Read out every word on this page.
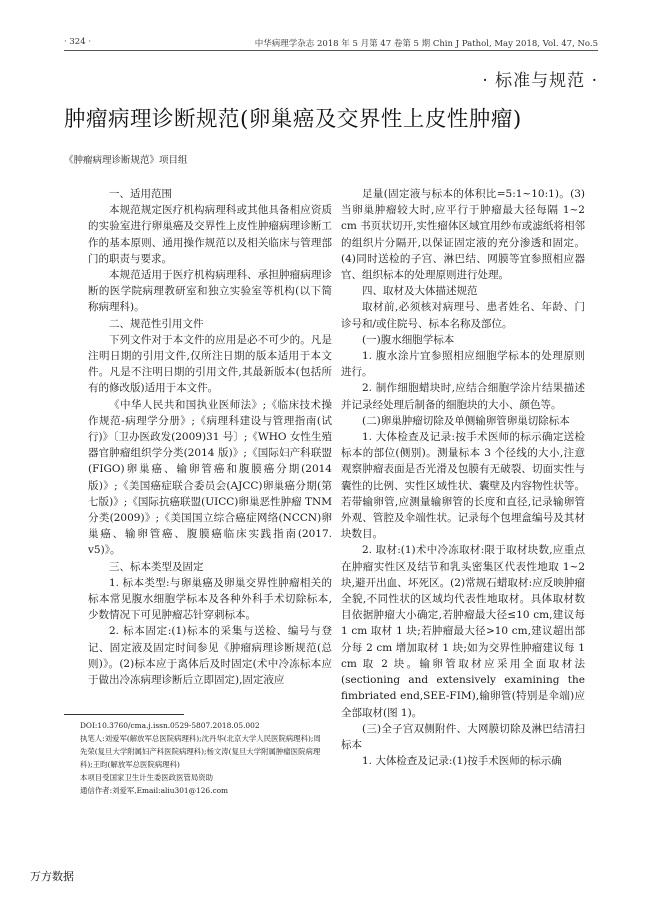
· 324 ·	中华病理学杂志 2018 年 5 月第 47 卷第 5 期 Chin J Pathol, May 2018, Vol. 47, No.5
· 标准与规范 ·
肿瘤病理诊断规范(卵巢癌及交界性上皮性肿瘤)
《肿瘤病理诊断规范》项目组

一、适用范围

本规范规定医疗机构病理科或其他具备相应资质的实验室进行卵巢癌及交界性上皮性肿瘤病理诊断工作的基本原则、通用操作规范以及相关临床与管理部门的职责与要求。

本规范适用于医疗机构病理科、承担肿瘤病理诊断的医学院病理教研室和独立实验室等机构(以下简称病理科)。

二、规范性引用文件

下列文件对于本文件的应用是必不可少的。凡是注明日期的引用文件,仅所注日期的版本适用于本文件。凡是不注明日期的引用文件,其最新版本(包括所有的修改版)适用于本文件。

《中华人民共和国执业医师法》;《临床技术操作规范-病理学分册》;《病理科建设与管理指南(试行)》〔卫办医政发(2009)31 号〕;《WHO 女性生殖器官肿瘤组织学分类(2014 版)》;《国际妇产科联盟(FIGO)卵巢癌、输卵管癌和腹膜癌分期(2014 版)》;《美国癌症联合委员会(AJCC)卵巢癌分期(第七版)》;《国际抗癌联盟(UICC)卵巢恶性肿瘤 TNM 分类(2009)》;《美国国立综合癌症网络(NCCN)卵巢癌、输卵管癌、腹膜癌临床实践指南(2017. v5)》。

三、标本类型及固定

1. 标本类型:与卵巢癌及卵巢交界性肿瘤相关的标本常见腹水细胞学标本及各种外科手术切除标本,少数情况下可见肿瘤芯针穿刺标本。

2. 标本固定:(1)标本的采集与送检、编号与登记、固定液及固定时间参见《肿瘤病理诊断规范(总则)》。(2)标本应于离体后及时固定(术中冷冻标本应于做出冷冻病理诊断后立即固定),固定液应

足量(固定液与标本的体积比=5:1~10:1)。(3)当卵巢肿瘤较大时,应平行于肿瘤最大径每隔 1~2 cm 书页状切开,实性瘤体区域宜用纱布或滤纸将相邻的组织片分隔开,以保证固定液的充分渗透和固定。(4)同时送检的子宫、淋巴结、网膜等宜参照相应器官、组织标本的处理原则进行处理。

四、取材及大体描述规范

取材前,必须核对病理号、患者姓名、年龄、门诊号和/或住院号、标本名称及部位。

(一)腹水细胞学标本

1. 腹水涂片宜参照相应细胞学标本的处理原则进行。

2. 制作细胞蜡块时,应结合细胞学涂片结果描述并记录经处理后制备的细胞块的大小、颜色等。

(二)卵巢肿瘤切除及单侧输卵管卵巢切除标本

1. 大体检查及记录:按手术医师的标示确定送检标本的部位(侧别)。测量标本 3 个径线的大小,注意观察肿瘤表面是否光滑及包膜有无破裂、切面实性与囊性的比例、实性区域性状、囊壁及内容物性状等。若带输卵管,应测量输卵管的长度和直径,记录输卵管外观、管腔及伞端性状。记录每个包埋盒编号及其材块数目。

2. 取材:(1)术中冷冻取材:限于取材块数,应重点在肿瘤实性区及结节和乳头密集区代表性地取 1~2 块,避开出血、坏死区。(2)常规石蜡取材:应反映肿瘤全貌,不同性状的区域均代表性地取材。具体取材数目依据肿瘤大小确定,若肿瘤最大径≤10 cm,建议每 1 cm 取材 1 块;若肿瘤最大径>10 cm,建议超出部分每 2 cm 增加取材 1 块;如为交界性肿瘤建议每 1 cm 取 2 块。输卵管取材应采用全面取材法(sectioning and extensively examining the fimbriated end,SEE-FIM),输卵管(特别是伞端)应全部取材(图 1)。

(三)全子宫双侧附件、大网膜切除及淋巴结清扫标本

1. 大体检查及记录:(1)按手术医师的标示确

DOI:10.3760/cma.j.issn.0529-5807.2018.05.002
执笔人:刘爱军(解放军总医院病理科);沈丹华(北京大学人民医院病理科);周先荣(复旦大学附属妇产科医院病理科);杨文涛(复旦大学附属肿瘤医院病理科);王昀(解放军总医院病理科)
本项目受国家卫生计生委医政医管局资助
通信作者:刘爱军,Email:aliu301@126.com
万方数据
